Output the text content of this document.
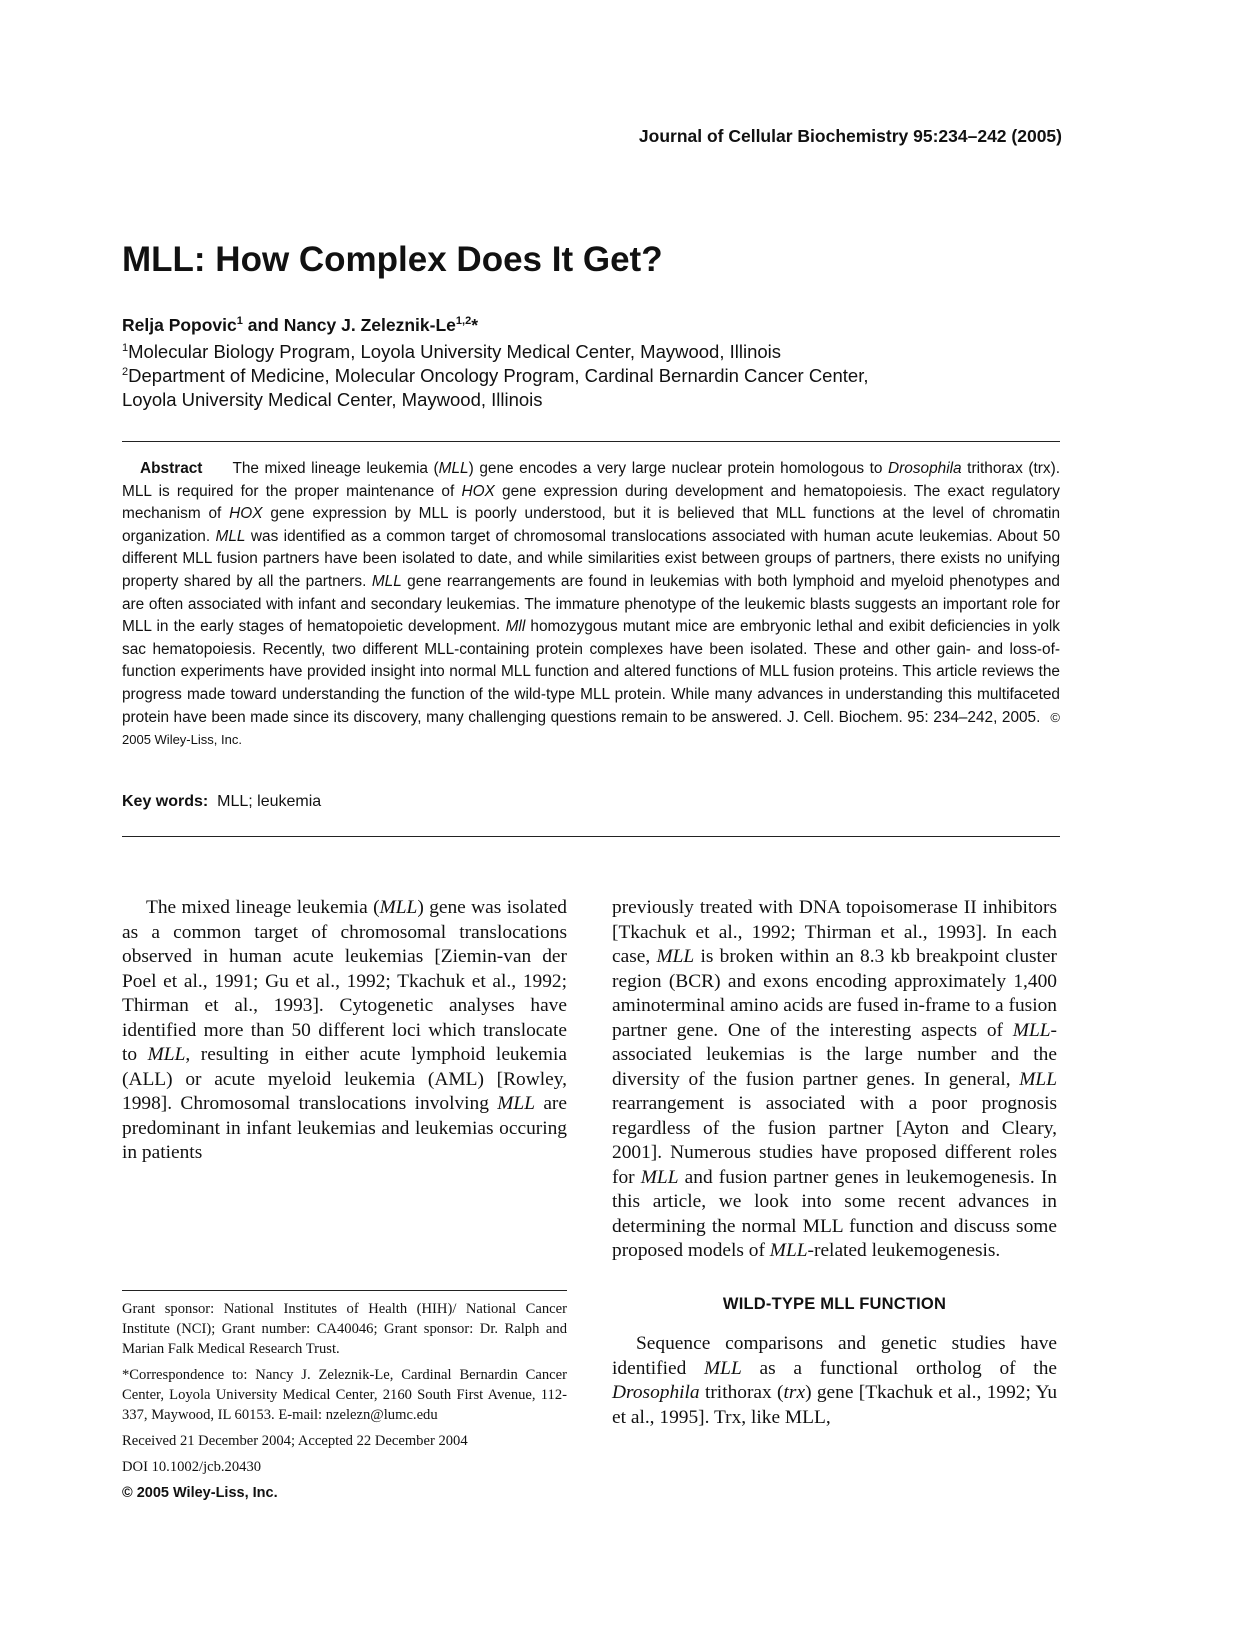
Journal of Cellular Biochemistry 95:234–242 (2005)
MLL: How Complex Does It Get?
Relja Popovic$^1$ and Nancy J. Zeleznik-Le$^{1,2}$*
$^1$Molecular Biology Program, Loyola University Medical Center, Maywood, Illinois
$^2$Department of Medicine, Molecular Oncology Program, Cardinal Bernardin Cancer Center,
Loyola University Medical Center, Maywood, Illinois
Abstract The mixed lineage leukemia (MLL) gene encodes a very large nuclear protein homologous to Drosophila trithorax (trx). MLL is required for the proper maintenance of HOX gene expression during development and hematopoiesis. The exact regulatory mechanism of HOX gene expression by MLL is poorly understood, but it is believed that MLL functions at the level of chromatin organization. MLL was identified as a common target of chromosomal translocations associated with human acute leukemias. About 50 different MLL fusion partners have been isolated to date, and while similarities exist between groups of partners, there exists no unifying property shared by all the partners. MLL gene rearrangements are found in leukemias with both lymphoid and myeloid phenotypes and are often associated with infant and secondary leukemias. The immature phenotype of the leukemic blasts suggests an important role for MLL in the early stages of hematopoietic development. Mll homozygous mutant mice are embryonic lethal and exibit deficiencies in yolk sac hematopoiesis. Recently, two different MLL-containing protein complexes have been isolated. These and other gain- and loss-of-function experiments have provided insight into normal MLL function and altered functions of MLL fusion proteins. This article reviews the progress made toward understanding the function of the wild-type MLL protein. While many advances in understanding this multifaceted protein have been made since its discovery, many challenging questions remain to be answered. J. Cell. Biochem. 95: 234–242, 2005. © 2005 Wiley-Liss, Inc.
Key words: MLL; leukemia

The mixed lineage leukemia (MLL) gene was isolated as a common target of chromosomal translocations observed in human acute leukemias [Ziemin-van der Poel et al., 1991; Gu et al., 1992; Tkachuk et al., 1992; Thirman et al., 1993]. Cytogenetic analyses have identified more than 50 different loci which translocate to MLL, resulting in either acute lymphoid leukemia (ALL) or acute myeloid leukemia (AML) [Rowley, 1998]. Chromosomal translocations involving MLL are predominant in infant leukemias and leukemias occuring in patients

Grant sponsor: National Institutes of Health (HIH)/ National Cancer Institute (NCI); Grant number: CA40046; Grant sponsor: Dr. Ralph and Marian Falk Medical Research Trust.

*Correspondence to: Nancy J. Zeleznik-Le, Cardinal Bernardin Cancer Center, Loyola University Medical Center, 2160 South First Avenue, 112-337, Maywood, IL 60153. E-mail: nzelezn@lumc.edu

Received 21 December 2004; Accepted 22 December 2004

DOI 10.1002/jcb.20430

© 2005 Wiley-Liss, Inc.

previously treated with DNA topoisomerase II inhibitors [Tkachuk et al., 1992; Thirman et al., 1993]. In each case, MLL is broken within an 8.3 kb breakpoint cluster region (BCR) and exons encoding approximately 1,400 aminoterminal amino acids are fused in-frame to a fusion partner gene. One of the interesting aspects of MLL-associated leukemias is the large number and the diversity of the fusion partner genes. In general, MLL rearrangement is associated with a poor prognosis regardless of the fusion partner [Ayton and Cleary, 2001]. Numerous studies have proposed different roles for MLL and fusion partner genes in leukemogenesis. In this article, we look into some recent advances in determining the normal MLL function and discuss some proposed models of MLL-related leukemogenesis.

WILD-TYPE MLL FUNCTION

Sequence comparisons and genetic studies have identified MLL as a functional ortholog of the Drosophila trithorax (trx) gene [Tkachuk et al., 1992; Yu et al., 1995]. Trx, like MLL,
